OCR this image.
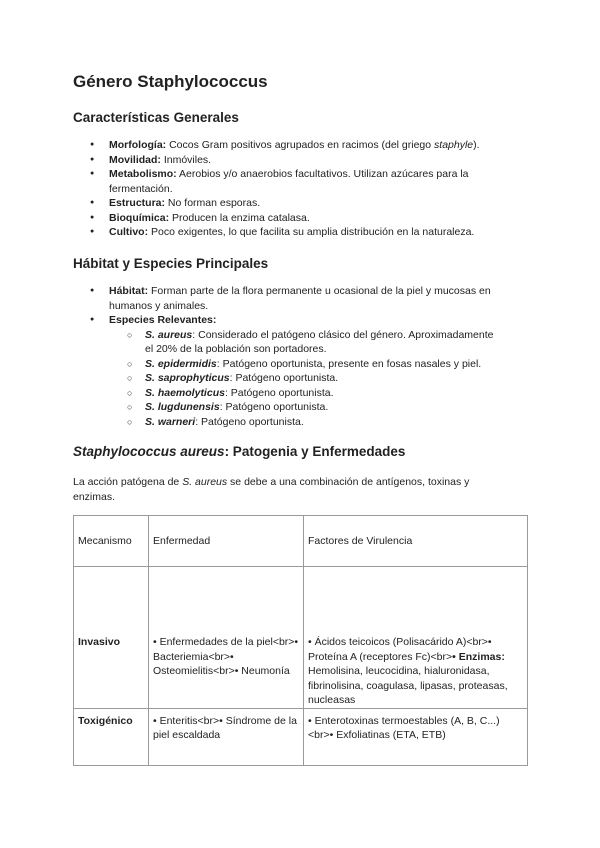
Género Staphylococcus
Características Generales
● Morfología: Cocos Gram positivos agrupados en racimos (del griego staphyle).
● Movilidad: Inmóviles.
● Metabolismo: Aerobios y/o anaerobios facultativos. Utilizan azúcares para la fermentación.
● Estructura: No forman esporas.
● Bioquímica: Producen la enzima catalasa.
● Cultivo: Poco exigentes, lo que facilita su amplia distribución en la naturaleza.
Hábitat y Especies Principales
● Hábitat: Forman parte de la flora permanente u ocasional de la piel y mucosas en humanos y animales.
● Especies Relevantes:
○ S. aureus: Considerado el patógeno clásico del género. Aproximadamente el 20% de la población son portadores.
○ S. epidermidis: Patógeno oportunista, presente en fosas nasales y piel.
○ S. saprophyticus: Patógeno oportunista.
○ S. haemolyticus: Patógeno oportunista.
○ S. lugdunensis: Patógeno oportunista.
○ S. warneri: Patógeno oportunista.
Staphylococcus aureus: Patogenia y Enfermedades

La acción patógena de S. aureus se debe a una combinación de antígenos, toxinas y enzimas.

Mecanismo	Enfermedad	Factores de Virulencia

Invasivo	• Enfermedades de la piel<br>• Bacteriemia<br>• Osteomielitis<br>• Neumonía	• Ácidos teicoicos (Polisacárido A)<br>• Proteína A (receptores Fc)<br>• Enzimas: Hemolisina, leucocidina, hialuronidasa, fibrinolisina, coagulasa, lipasas, proteasas, nucleasas

Toxigénico	• Enteritis<br>• Síndrome de la piel escaldada	• Enterotoxinas termoestables (A, B, C...)<br>• Exfoliatinas (ETA, ETB)
